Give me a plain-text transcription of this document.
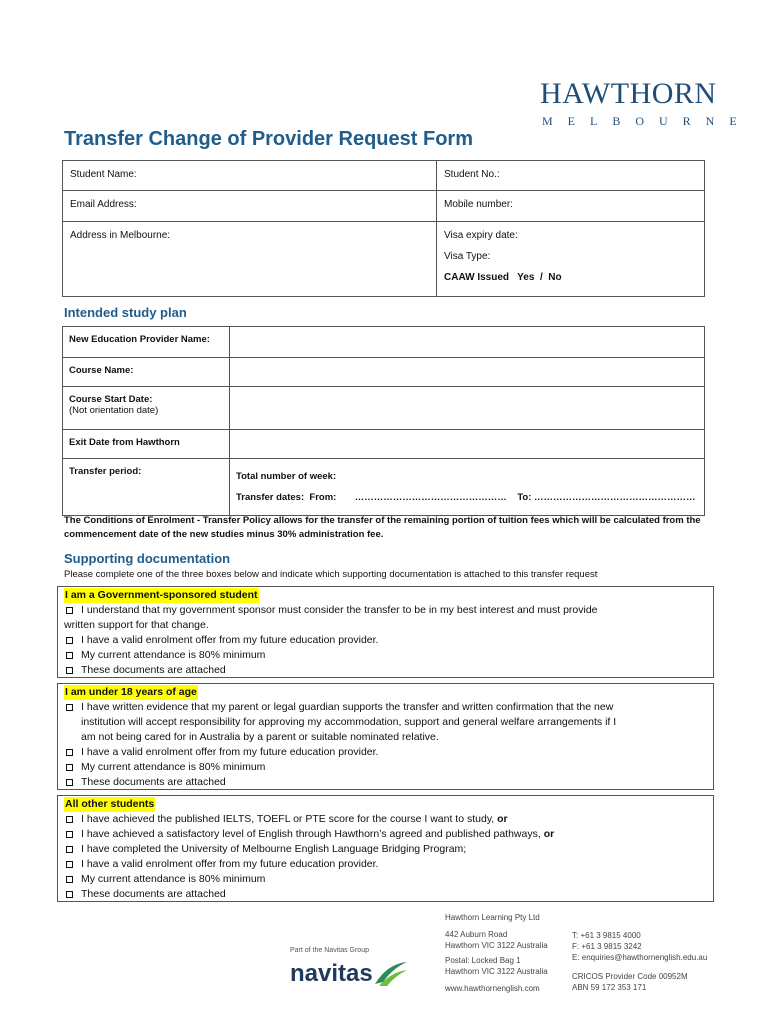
HAWTHORN
MELBOURNE
Transfer Change of Provider Request Form
Student Name:	Student No.:
Email Address:	Mobile number:
Address in Melbourne:	Visa expiry date:
Visa Type:
CAAW Issued   Yes  /  No
Intended study plan
New Education Provider Name:	
Course Name:	

Course Start Date:
(Not orientation date)	

Exit Date from Hawthorn	
Transfer period:	Total number of week:
Transfer dates:  From:       …………………………………………    To: ……………………………………………
The Conditions of Enrolment - Transfer Policy allows for the transfer of the remaining portion of tuition fees which will be calculated from the commencement date of the new studies minus 30% administration fee.
Supporting documentation
Please complete one of the three boxes below and indicate which supporting documentation is attached to this transfer request
I am a Government-sponsored student
I understand that my government sponsor must consider the transfer to be in my best interest and must provide
written support for that change.
I have a valid enrolment offer from my future education provider.
My current attendance is 80% minimum
These documents are attached
I am under 18 years of age
I have written evidence that my parent or legal guardian supports the transfer and written confirmation that the new
institution will accept responsibility for approving my accommodation, support and general welfare arrangements if I
am not being cared for in Australia by a parent or suitable nominated relative.
I have a valid enrolment offer from my future education provider.
My current attendance is 80% minimum
These documents are attached
All other students
I have achieved the published IELTS, TOEFL or PTE score for the course I want to study, or
I have achieved a satisfactory level of English through Hawthorn’s agreed and published pathways, or
I have completed the University of Melbourne English Language Bridging Program;
I have a valid enrolment offer from my future education provider.
My current attendance is 80% minimum
These documents are attached
Part of the Navitas Group
navitas
Hawthorn Learning Pty Ltd
442 Auburn Road
Hawthorn VIC 3122 Australia
Postal: Locked Bag 1
Hawthorn VIC 3122 Australia
www.hawthornenglish.com
T: +61 3 9815 4000
F: +61 3 9815 3242
E: enquiries@hawthornenglish.edu.au
CRICOS Provider Code 00952M
ABN 59 172 353 171
